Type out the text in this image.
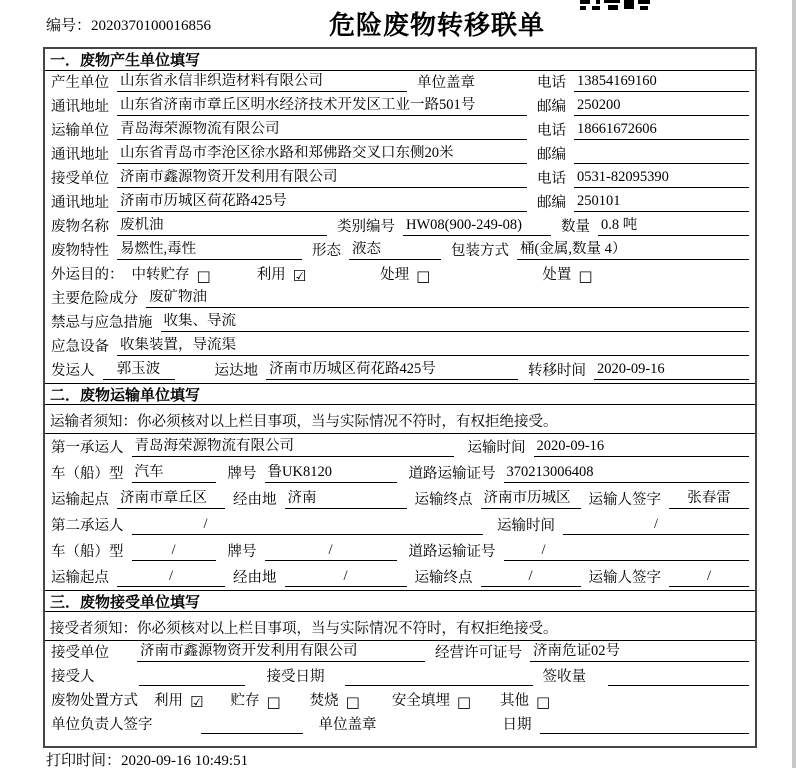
编号：2020370100016856	危险废物转移联单
一．废物产生单位填写
产生单位 山东省永信非织造材料有限公司	单位盖章	电话 13854169160
通讯地址 山东省济南市章丘区明水经济技术开发区工业一路501号	邮编 250200
运输单位 青岛海荣源物流有限公司	电话 18661672606
通讯地址 山东省青岛市李沧区徐水路和郑佛路交叉口东侧20米	邮编
接受单位 济南市鑫源物资开发利用有限公司	电话 0531-82095390
通讯地址 济南市历城区荷花路425号	邮编 250101
废物名称 废机油	类别编号 HW08(900-249-08)	数量 0.8 吨
废物特性 易燃性,毒性	形态 液态	包装方式 桶(金属,数量 4）
外运目的： 中转贮存 □	利用 ☑	处理 □	处置 □
主要危险成分 废矿物油
禁忌与应急措施 收集、导流
应急设备 收集装置，导流渠
发运人	郭玉波	运达地 济南市历城区荷花路425号	转移时间 2020-09-16
二．废物运输单位填写
运输者须知：你必须核对以上栏目事项，当与实际情况不符时，有权拒绝接受。
第一承运人 青岛海荣源物流有限公司	运输时间 2020-09-16
车（船）型 汽车	牌号 鲁UK8120	道路运输证号 370213006408
运输起点 济南市章丘区	经由地 济南	运输终点 济南市历城区	运输人签字	张春雷
第二承运人	/	运输时间	/
车（船）型	/	牌号	/	道路运输证号	/
运输起点	/	经由地	/	运输终点	/	运输人签字	/
三．废物接受单位填写
接受者须知：你必须核对以上栏目事项，当与实际情况不符时，有权拒绝接受。
接受单位 济南市鑫源物资开发利用有限公司	经营许可证号 济南危证02号
接受人	接受日期	签收量
废物处置方式 利用 ☑ 贮存 □ 焚烧 □ 安全填埋 □ 其他 □
单位负责人签字	单位盖章	日期
打印时间：2020-09-16 10:49:51
